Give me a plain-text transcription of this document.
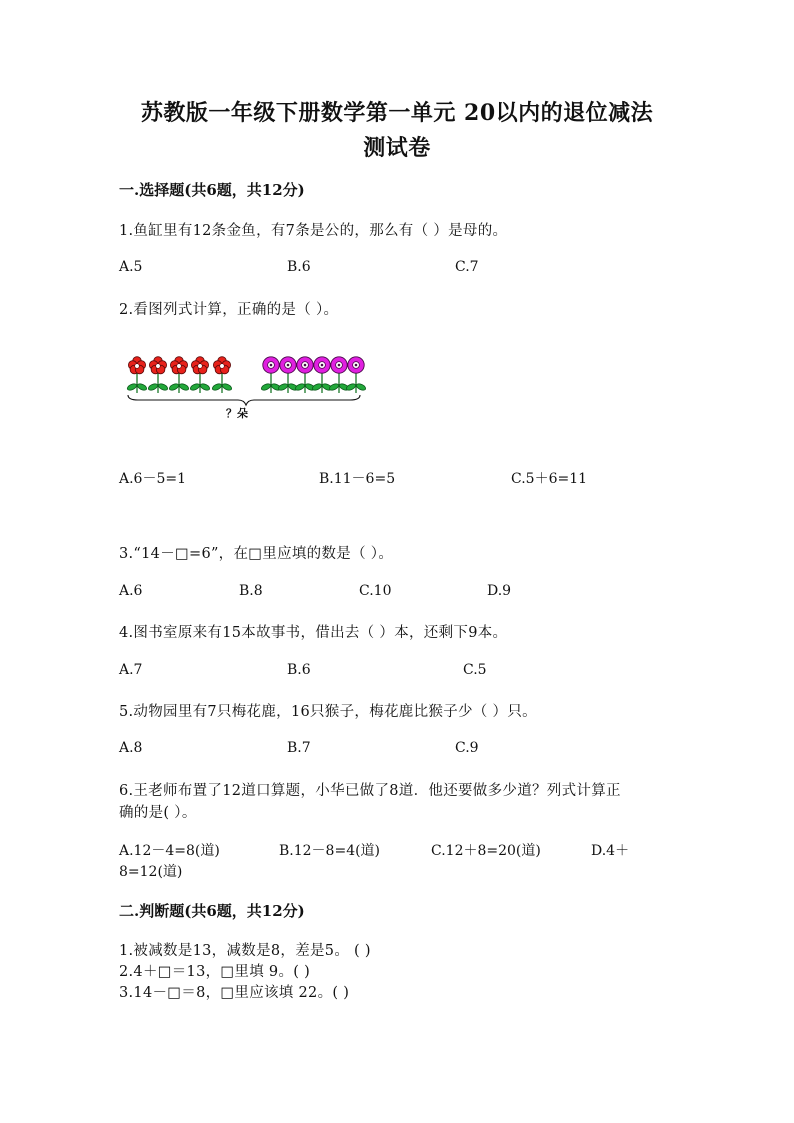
苏教版一年级下册数学第一单元 20以内的退位减法
测试卷
一.选择题(共6题，共12分)
1.鱼缸里有12条金鱼，有7条是公的，那么有（ ）是母的。
A.5	B.6	C.7
2.看图列式计算，正确的是（ ）。
？朵
A.6－5=1	B.11－6=5	C.5＋6=11
3.“14－□=6”，在□里应填的数是（ ）。
A.6	B.8	C.10	D.9
4.图书室原来有15本故事书，借出去（ ）本，还剩下9本。
A.7	B.6	C.5
5.动物园里有7只梅花鹿，16只猴子，梅花鹿比猴子少（ ）只。
A.8	B.7	C.9
6.王老师布置了12道口算题，小华已做了8道．他还要做多少道？列式计算正
确的是( ）。
A.12－4=8(道)	B.12－8=4(道)	C.12＋8=20(道)	D.4＋
8=12(道)
二.判断题(共6题，共12分)
1.被减数是13，减数是8，差是5。 ( )
2.4＋□＝13，□里填 9。( )
3.14－□＝8，□里应该填 22。( )
